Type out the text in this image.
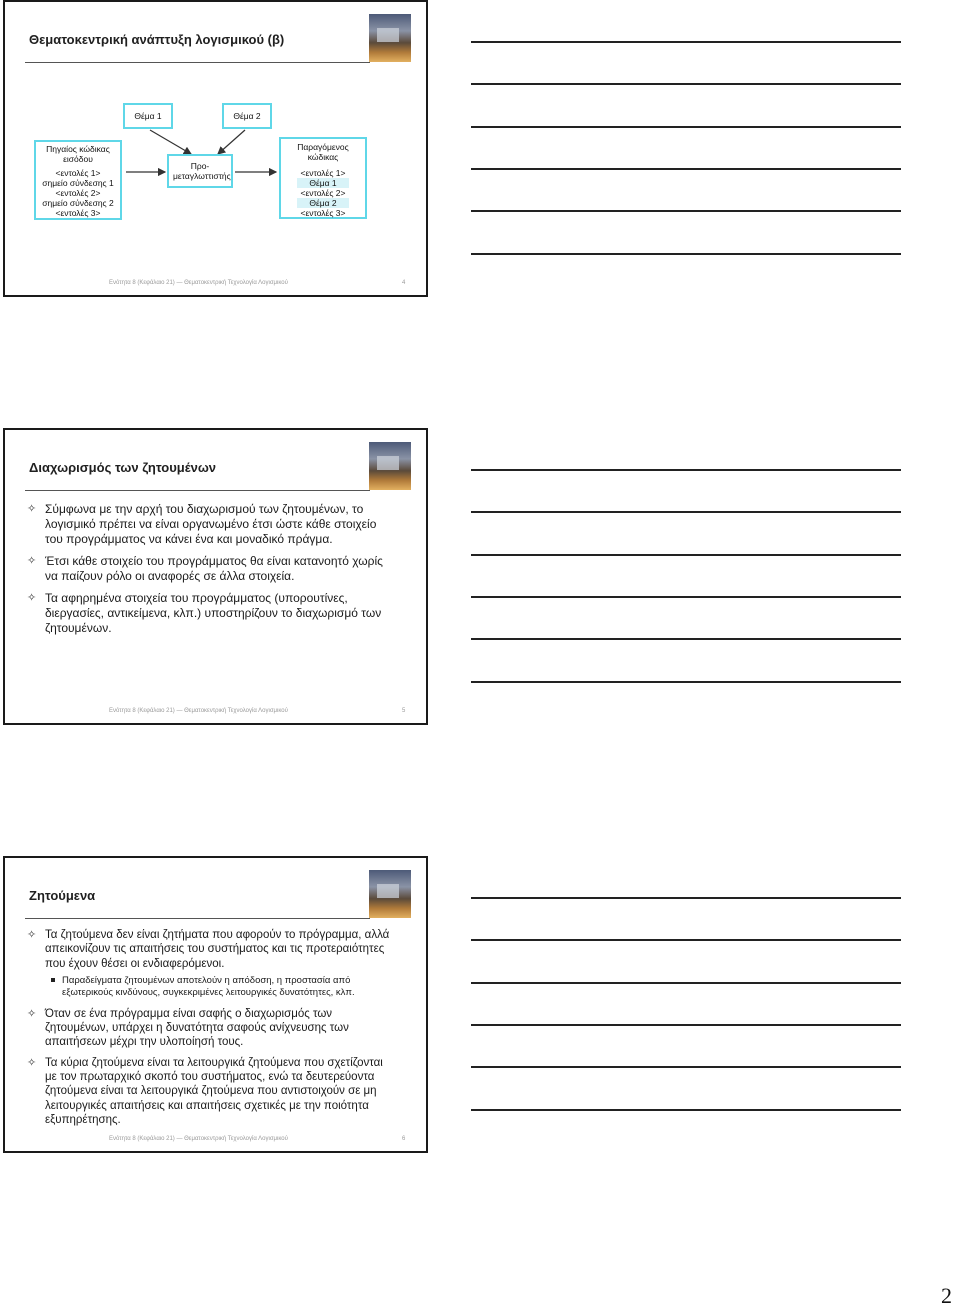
Θεματοκεντρική ανάπτυξη λογισμικού (β)
Θέμα 1	Θέμα 2
Πηγαίος κώδικας εισόδου
<εντολές 1>
σημείο σύνδεσης 1
<εντολές 2>
σημείο σύνδεσης 2
<εντολές 3>
Προ-μεταγλωττιστής
Παραγόμενος κώδικας
<εντολές 1>
Θέμα 1
<εντολές 2>
Θέμα 2
<εντολές 3>
Ενότητα 8 (Κεφάλαιο 21) — Θεματοκεντρική Τεχνολογία Λογισμικού	4
Διαχωρισμός των ζητουμένων
✧ Σύμφωνα με την αρχή του διαχωρισμού των ζητουμένων, το λογισμικό πρέπει να είναι οργανωμένο έτσι ώστε κάθε στοιχείο του προγράμματος να κάνει ένα και μοναδικό πράγμα.
✧ Έτσι κάθε στοιχείο του προγράμματος θα είναι κατανοητό χωρίς να παίζουν ρόλο οι αναφορές σε άλλα στοιχεία.
✧ Τα αφηρημένα στοιχεία του προγράμματος (υπορουτίνες, διεργασίες, αντικείμενα, κλπ.) υποστηρίζουν το διαχωρισμό των ζητουμένων.
Ενότητα 8 (Κεφάλαιο 21) — Θεματοκεντρική Τεχνολογία Λογισμικού	5
Ζητούμενα
✧ Τα ζητούμενα δεν είναι ζητήματα που αφορούν το πρόγραμμα, αλλά απεικονίζουν τις απαιτήσεις του συστήματος και τις προτεραιότητες που έχουν θέσει οι ενδιαφερόμενοι.
Παραδείγματα ζητουμένων αποτελούν η απόδοση, η προστασία από εξωτερικούς κινδύνους, συγκεκριμένες λειτουργικές δυνατότητες, κλπ.
✧ Όταν σε ένα πρόγραμμα είναι σαφής ο διαχωρισμός των ζητουμένων, υπάρχει η δυνατότητα σαφούς ανίχνευσης των απαιτήσεων μέχρι την υλοποίησή τους.
✧ Τα κύρια ζητούμενα είναι τα λειτουργικά ζητούμενα που σχετίζονται με τον πρωταρχικό σκοπό του συστήματος, ενώ τα δευτερεύοντα ζητούμενα είναι τα λειτουργικά ζητούμενα που αντιστοιχούν σε μη λειτουργικές απαιτήσεις και απαιτήσεις σχετικές με την ποιότητα εξυπηρέτησης.
Ενότητα 8 (Κεφάλαιο 21) — Θεματοκεντρική Τεχνολογία Λογισμικού	6
2
